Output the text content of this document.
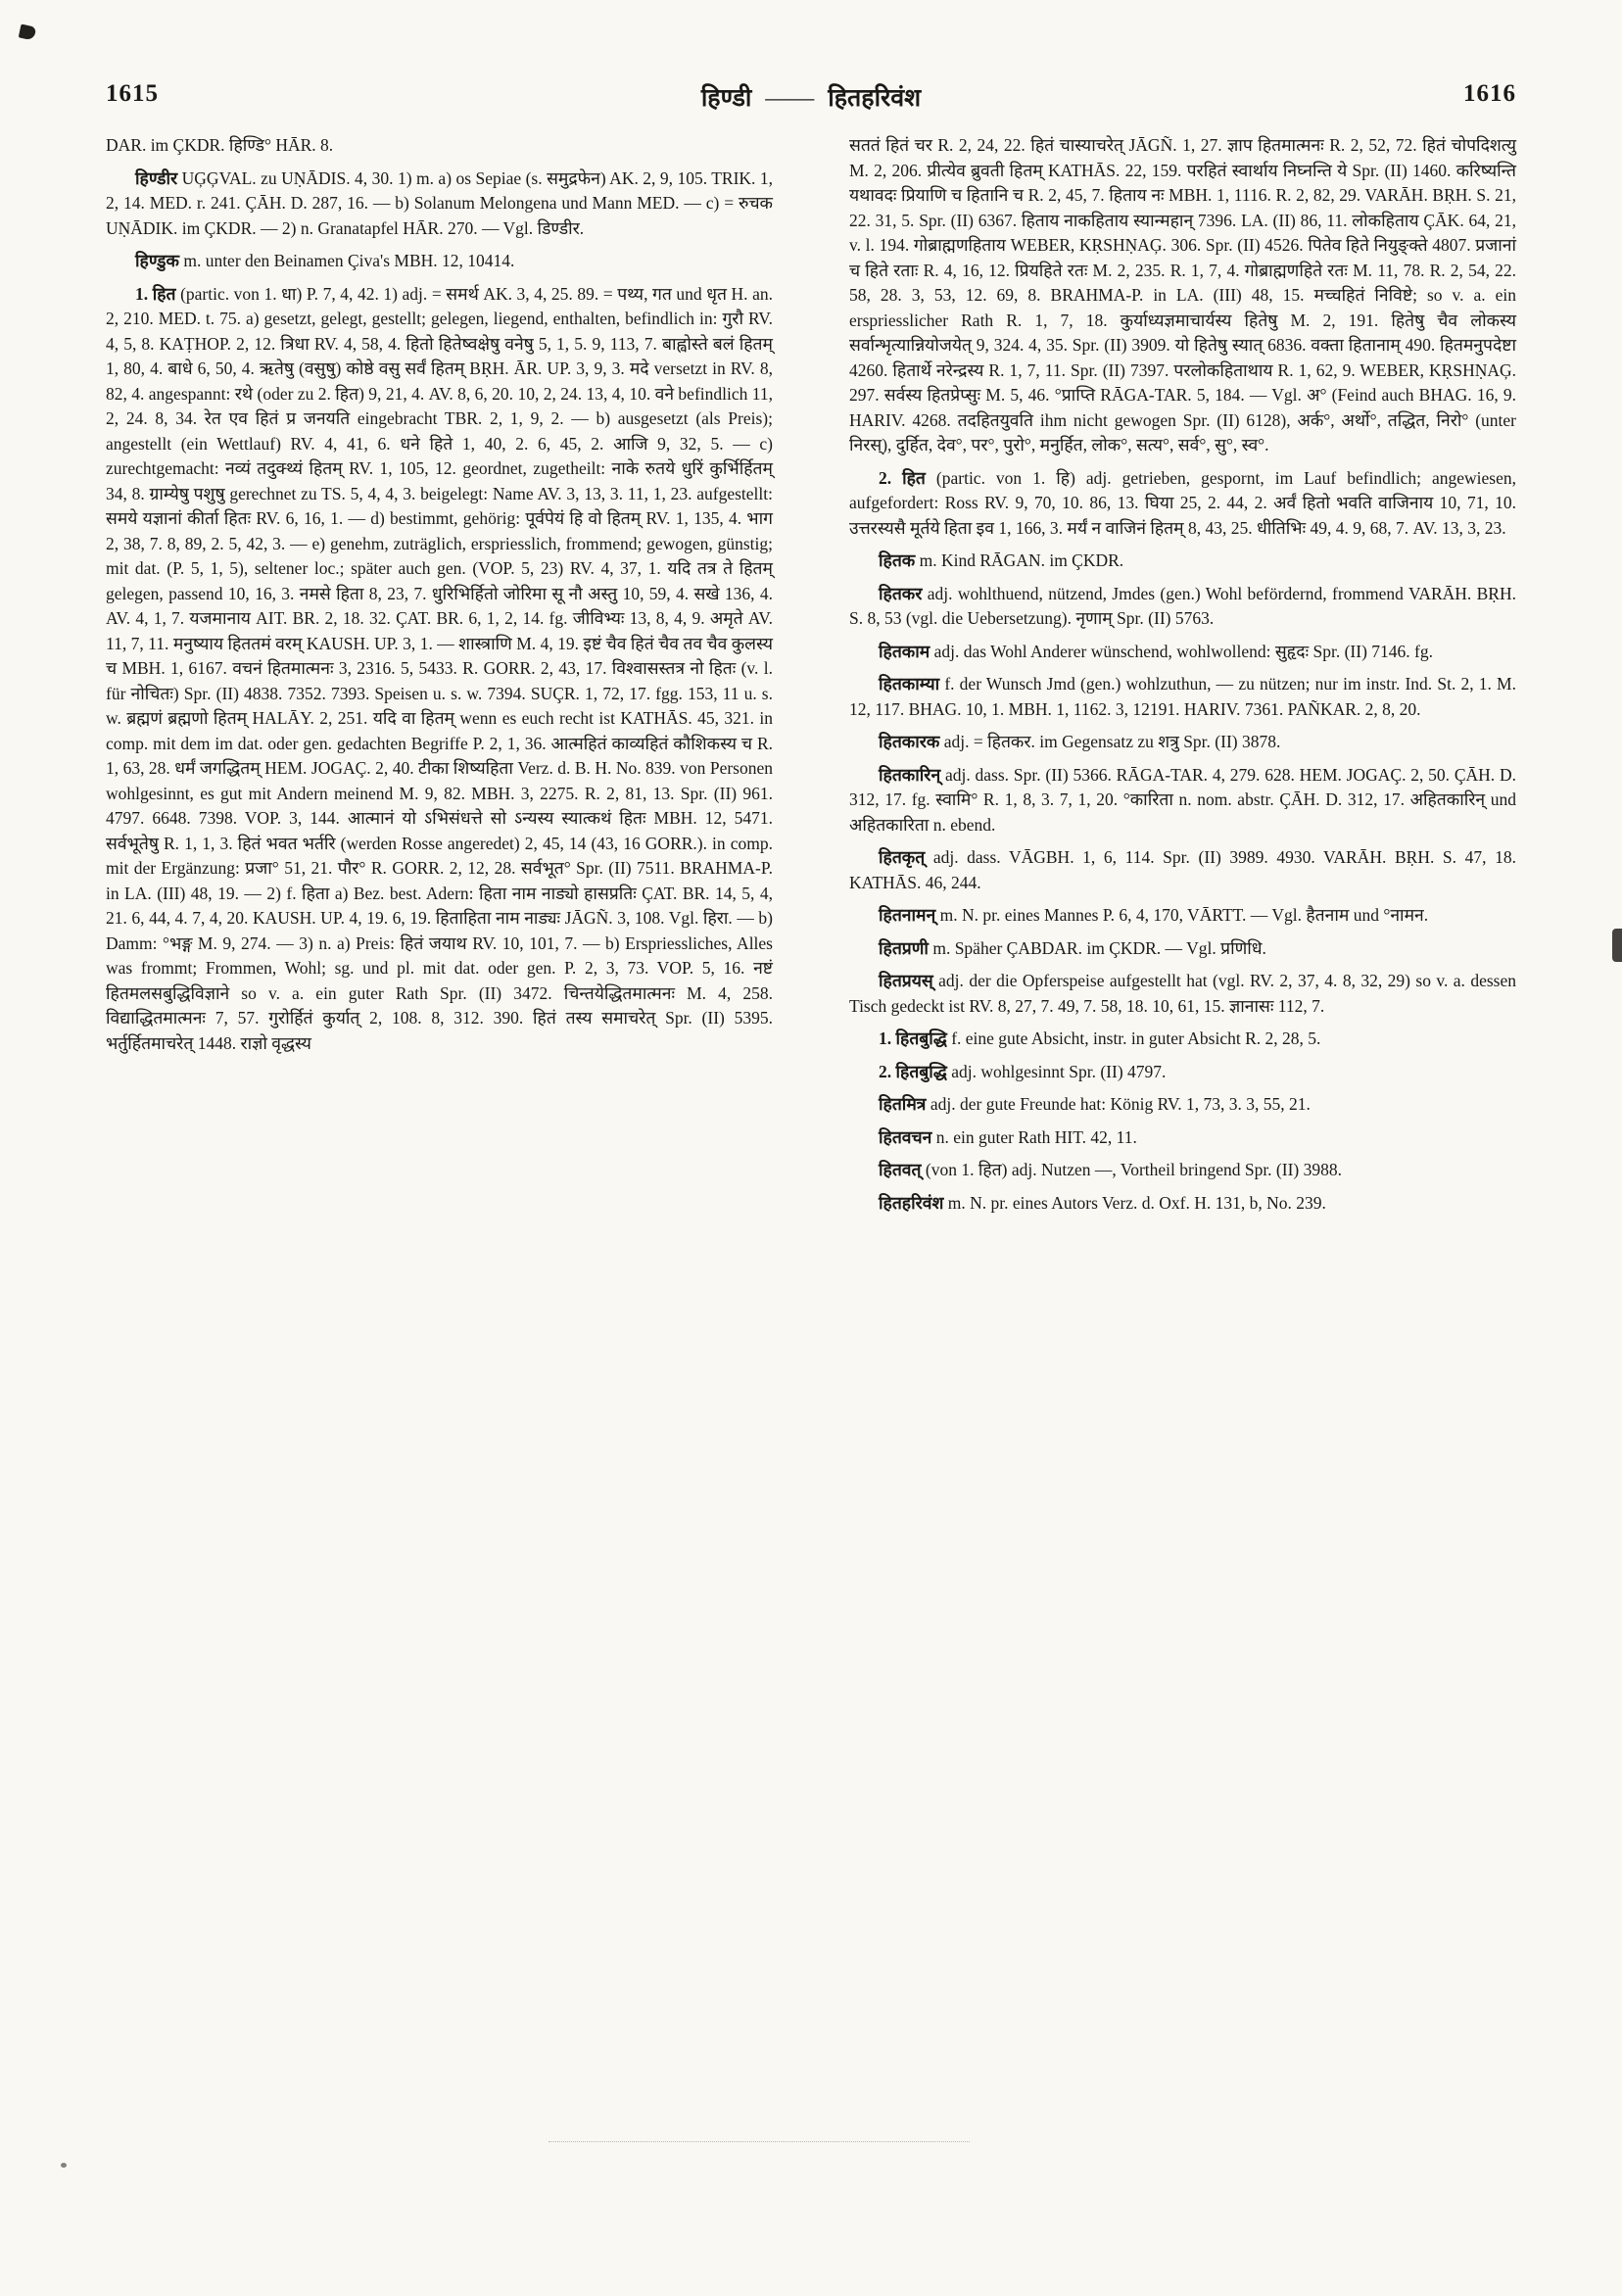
1615	हिण्डी —— हितहरिवंश	1616

DAR. im ÇKDR. हिण्डि° HĀR. 8.

हिण्डीर UĢĢVAL. zu UṆĀDIS. 4, 30. 1) m. a) os Sepiae (s. समुद्रफेन) AK. 2, 9, 105. TRIK. 1, 2, 14. MED. r. 241. ÇĀH. D. 287, 16. — b) Solanum Melongena und Mann MED. — c) = रुचक UṆĀDIK. im ÇKDR. — 2) n. Granatapfel HĀR. 270. — Vgl. डिण्डीर.

हिण्डुक m. unter den Beinamen Çiva's MBH. 12, 10414.

1. हित (partic. von 1. धा) P. 7, 4, 42. 1) adj. = समर्थ AK. 3, 4, 25. 89. = पथ्य, गत und धृत H. an. 2, 210. MED. t. 75. a) gesetzt, gelegt, gestellt; gelegen, liegend, enthalten, befindlich in: गुरौ RV. 4, 5, 8. KAṬHOP. 2, 12. त्रिधा RV. 4, 58, 4. हितो हितेष्वक्षेषु वनेषु 5, 1, 5. 9, 113, 7. बाह्वोस्ते बलं हितम् 1, 80, 4. बाधे 6, 50, 4. ऋतेषु (वसुषु) कोष्ठे वसु सर्वं हितम् BṚH. ĀR. UP. 3, 9, 3. मदे versetzt in RV. 8, 82, 4. angespannt: रथे (oder zu 2. हित) 9, 21, 4. AV. 8, 6, 20. 10, 2, 24. 13, 4, 10. वने befindlich 11, 2, 24. 8, 34. रेत एव हितं प्र जनयति eingebracht TBR. 2, 1, 9, 2. — b) ausgesetzt (als Preis); angestellt (ein Wettlauf) RV. 4, 41, 6. धने हिते 1, 40, 2. 6, 45, 2. आजि 9, 32, 5. — c) zurechtgemacht: नव्यं तदुक्थ्यं हितम् RV. 1, 105, 12. geordnet, zugetheilt: नाके रुतये धुरिं कुर्भिर्हितम् 34, 8. ग्राम्येषु पशुषु gerechnet zu TS. 5, 4, 4, 3. beigelegt: Name AV. 3, 13, 3. 11, 1, 23. aufgestellt: समये यज्ञानां कीर्ता हितः RV. 6, 16, 1. — d) bestimmt, gehörig: पूर्वपेयं हि वो हितम् RV. 1, 135, 4. भाग 2, 38, 7. 8, 89, 2. 5, 42, 3. — e) genehm, zuträglich, erspriesslich, frommend; gewogen, günstig; mit dat. (P. 5, 1, 5), seltener loc.; später auch gen. (VOP. 5, 23) RV. 4, 37, 1. यदि तत्र ते हितम् gelegen, passend 10, 16, 3. नमसे हिता 8, 23, 7. धुरिभिर्हितो जोरिमा सू नौ अस्तु 10, 59, 4. सखे 136, 4. AV. 4, 1, 7. यजमानाय AIT. BR. 2, 18. 32. ÇAT. BR. 6, 1, 2, 14. fg. जीविभ्यः 13, 8, 4, 9. अमृते AV. 11, 7, 11. मनुष्याय हिततमं वरम् KAUSH. UP. 3, 1. — शास्त्राणि M. 4, 19. इष्टं चैव हितं चैव तव चैव कुलस्य च MBH. 1, 6167. वचनं हितमात्मनः 3, 2316. 5, 5433. R. GORR. 2, 43, 17. विश्वासस्तत्र नो हितः (v. l. für नोचितः) Spr. (II) 4838. 7352. 7393. Speisen u. s. w. 7394. SUÇR. 1, 72, 17. fgg. 153, 11 u. s. w. ब्रह्मणं ब्रह्मणो हितम् HALĀY. 2, 251. यदि वा हितम् wenn es euch recht ist KATHĀS. 45, 321. in comp. mit dem im dat. oder gen. gedachten Begriffe P. 2, 1, 36. आत्महितं काव्यहितं कौशिकस्य च R. 1, 63, 28. धर्मं जगद्धितम् HEM. JOGAÇ. 2, 40. टीका शिष्यहिता Verz. d. B. H. No. 839. von Personen wohlgesinnt, es gut mit Andern meinend M. 9, 82. MBH. 3, 2275. R. 2, 81, 13. Spr. (II) 961. 4797. 6648. 7398. VOP. 3, 144. आत्मानं यो ऽभिसंधत्ते सो ऽन्यस्य स्यात्कथं हितः MBH. 12, 5471. सर्वभूतेषु R. 1, 1, 3. हितं भवत भर्तरि (werden Rosse angeredet) 2, 45, 14 (43, 16 GORR.). in comp. mit der Ergänzung: प्रजा° 51, 21. पौर° R. GORR. 2, 12, 28. सर्वभूत° Spr. (II) 7511. BRAHMA-P. in LA. (III) 48, 19. — 2) f. हिता a) Bez. best. Adern: हिता नाम नाड्यो हासप्रतिः ÇAT. BR. 14, 5, 4, 21. 6, 44, 4. 7, 4, 20. KAUSH. UP. 4, 19. 6, 19. हिताहिता नाम नाड्यः JĀGÑ. 3, 108. Vgl. हिरा. — b) Damm: °भङ्ग M. 9, 274. — 3) n. a) Preis: हितं जयाथ RV. 10, 101, 7. — b) Erspriessliches, Alles was frommt; Frommen, Wohl; sg. und pl. mit dat. oder gen. P. 2, 3, 73. VOP. 5, 16. नष्टं हितमलसबुद्धिविज्ञाने so v. a. ein guter Rath Spr. (II) 3472. चिन्तयेद्धितमात्मनः M. 4, 258. विद्याद्धितमात्मनः 7, 57. गुरोर्हितं कुर्यात् 2, 108. 8, 312. 390. हितं तस्य समाचरेत् Spr. (II) 5395. भर्तुर्हितमाचरेत् 1448. राज्ञो वृद्धस्य

सततं हितं चर R. 2, 24, 22. हितं चास्याचरेत् JĀGÑ. 1, 27. ज्ञाप हितमात्मनः R. 2, 52, 72. हितं चोपदिशत्यु M. 2, 206. प्रीत्येव ब्रुवती हितम् KATHĀS. 22, 159. परहितं स्वार्थाय निघ्नन्ति ये Spr. (II) 1460. करिष्यन्ति यथावदः प्रियाणि च हितानि च R. 2, 45, 7. हिताय नः MBH. 1, 1116. R. 2, 82, 29. VARĀH. BṚH. S. 21, 22. 31, 5. Spr. (II) 6367. हिताय नाकहिताय स्यान्महान् 7396. LA. (II) 86, 11. लोकहिताय ÇĀK. 64, 21, v. l. 194. गोब्राह्मणहिताय WEBER, KṚSHṆAĢ. 306. Spr. (II) 4526. पितेव हिते नियुङ्क्ते 4807. प्रजानां च हिते रताः R. 4, 16, 12. प्रियहिते रतः M. 2, 235. R. 1, 7, 4. गोब्राह्मणहिते रतः M. 11, 78. R. 2, 54, 22. 58, 28. 3, 53, 12. 69, 8. BRAHMA-P. in LA. (III) 48, 15. मच्चहितं निविष्टे; so v. a. ein erspriesslicher Rath R. 1, 7, 18. कुर्याध्यज्ञमाचार्यस्य हितेषु M. 2, 191. हितेषु चैव लोकस्य सर्वान्भृत्यान्नियोजयेत् 9, 324. 4, 35. Spr. (II) 3909. यो हितेषु स्यात् 6836. वक्ता हितानाम् 490. हितमनुपदेष्टा 4260. हितार्थे नरेन्द्रस्य R. 1, 7, 11. Spr. (II) 7397. परलोकहिताथाय R. 1, 62, 9. WEBER, KṚSHṆAĢ. 297. सर्वस्य हितप्रेप्सुः M. 5, 46. °प्राप्ति RĀGA-TAR. 5, 184. — Vgl. अ° (Feind auch BHAG. 16, 9. HARIV. 4268. तदहितयुवति ihm nicht gewogen Spr. (II) 6128), अर्क°, अर्थो°, तद्धित, निरो° (unter निरस्), दुर्हित, देव°, पर°, पुरो°, मनुर्हित, लोक°, सत्य°, सर्व°, सु°, स्व°.

2. हित (partic. von 1. हि) adj. getrieben, gespornt, im Lauf befindlich; angewiesen, aufgefordert: Ross RV. 9, 70, 10. 86, 13. घिया 25, 2. 44, 2. अर्वं हितो भवति वाजिनाय 10, 71, 10. उत्तरस्यसै मूर्तये हिता इव 1, 166, 3. मर्यं न वाजिनं हितम् 8, 43, 25. धीतिभिः 49, 4. 9, 68, 7. AV. 13, 3, 23.

हितक m. Kind RĀGAN. im ÇKDR.

हितकर adj. wohlthuend, nützend, Jmdes (gen.) Wohl befördernd, frommend VARĀH. BṚH. S. 8, 53 (vgl. die Uebersetzung). नृणाम् Spr. (II) 5763.

हितकाम adj. das Wohl Anderer wünschend, wohlwollend: सुहृदः Spr. (II) 7146. fg.

हितकाम्या f. der Wunsch Jmd (gen.) wohlzuthun, — zu nützen; nur im instr. Ind. St. 2, 1. M. 12, 117. BHAG. 10, 1. MBH. 1, 1162. 3, 12191. HARIV. 7361. PAÑKAR. 2, 8, 20.

हितकारक adj. = हितकर. im Gegensatz zu शत्रु Spr. (II) 3878.

हितकारिन् adj. dass. Spr. (II) 5366. RĀGA-TAR. 4, 279. 628. HEM. JOGAÇ. 2, 50. ÇĀH. D. 312, 17. fg. स्वामि° R. 1, 8, 3. 7, 1, 20. °कारिता n. nom. abstr. ÇĀH. D. 312, 17. अहितकारिन् und अहितकारिता n. ebend.

हितकृत् adj. dass. VĀGBH. 1, 6, 114. Spr. (II) 3989. 4930. VARĀH. BṚH. S. 47, 18. KATHĀS. 46, 244.

हितनामन् m. N. pr. eines Mannes P. 6, 4, 170, VĀRTT. — Vgl. हैतनाम und °नामन.

हितप्रणी m. Späher ÇABDAR. im ÇKDR. — Vgl. प्रणिधि.

हितप्रयस् adj. der die Opferspeise aufgestellt hat (vgl. RV. 2, 37, 4. 8, 32, 29) so v. a. dessen Tisch gedeckt ist RV. 8, 27, 7. 49, 7. 58, 18. 10, 61, 15. ज्ञानासः 112, 7.

1. हितबुद्धि f. eine gute Absicht, instr. in guter Absicht R. 2, 28, 5.

2. हितबुद्धि adj. wohlgesinnt Spr. (II) 4797.

हितमित्र adj. der gute Freunde hat: König RV. 1, 73, 3. 3, 55, 21.

हितवचन n. ein guter Rath HIT. 42, 11.

हितवत् (von 1. हित) adj. Nutzen —, Vortheil bringend Spr. (II) 3988.

हितहरिवंश m. N. pr. eines Autors Verz. d. Oxf. H. 131, b, No. 239.
